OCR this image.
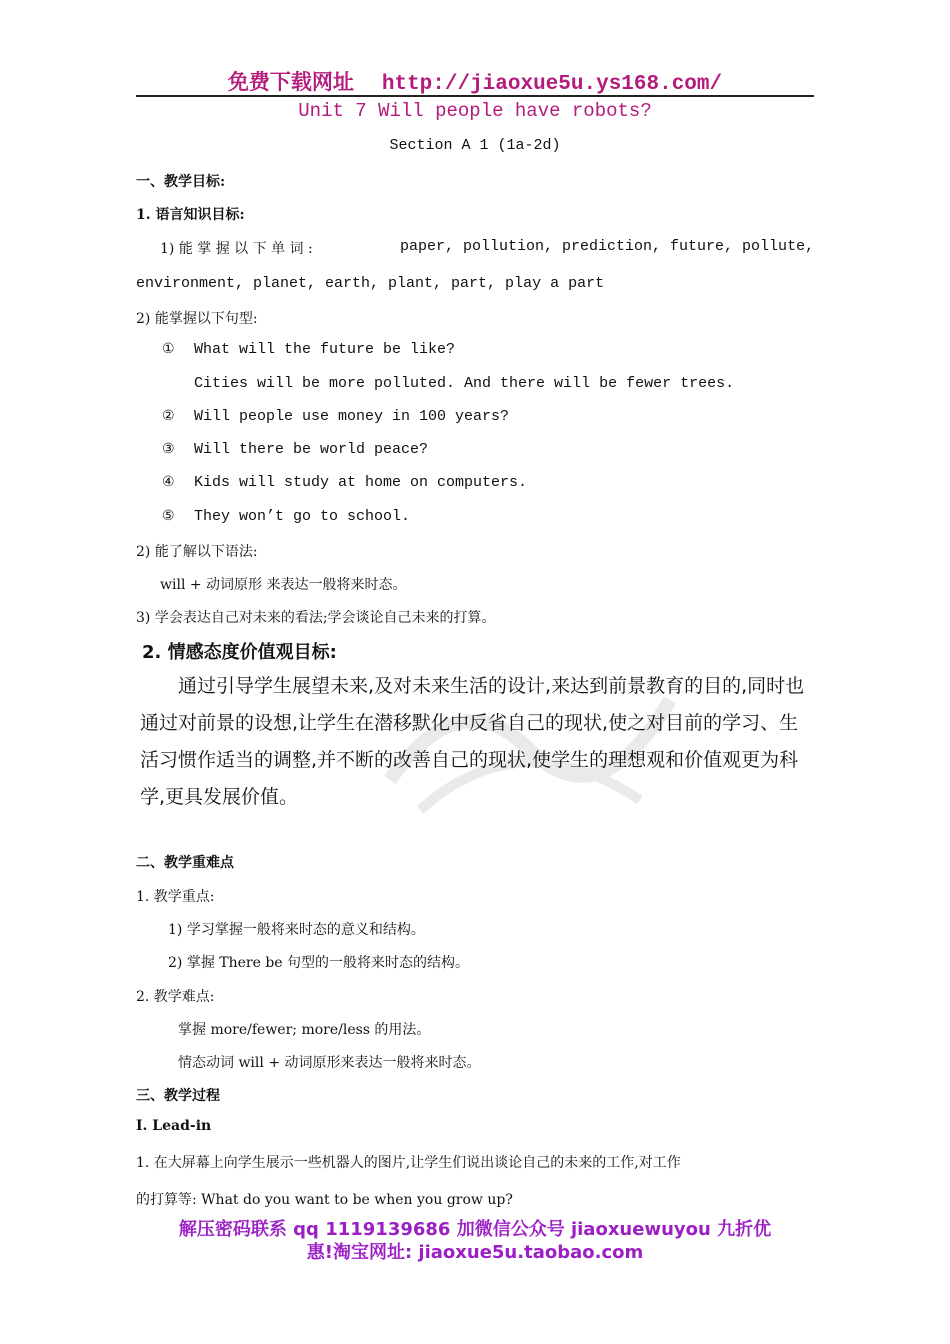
免费下载网址 http://jiaoxue5u.ys168.com/
Unit 7 Will people have robots?
Section A 1 (1a-2d)
一、教学目标:
1. 语言知识目标:
1) 能 掌 握 以 下 单 词 :	paper, pollution, prediction, future, pollute,
environment, planet, earth, plant, part, play a part
2) 能掌握以下句型:
① What will the future be like?
Cities will be more polluted. And there will be fewer trees.
② Will people use money in 100 years?
③ Will there be world peace?
④ Kids will study at home on computers.
⑤ They won’t go to school.
2) 能了解以下语法:
will + 动词原形 来表达一般将来时态。
3) 学会表达自己对未来的看法;学会谈论自己未来的打算。
2. 情感态度价值观目标:
通过引导学生展望未来,及对未来生活的设计,来达到前景教育的目的,同时也通过对前景的设想,让学生在潜移默化中反省自己的现状,使之对目前的学习、生活习惯作适当的调整,并不断的改善自己的现状,使学生的理想观和价值观更为科学,更具发展价值。
二、教学重难点
1. 教学重点:
1) 学习掌握一般将来时态的意义和结构。
2) 掌握 There be 句型的一般将来时态的结构。
2. 教学难点:
掌握 more/fewer; more/less 的用法。
情态动词 will + 动词原形来表达一般将来时态。
三、教学过程
Ⅰ. Lead-in
1. 在大屏幕上向学生展示一些机器人的图片,让学生们说出谈论自己的未来的工作,对工作
的打算等: What do you want to be when you grow up?
解压密码联系 qq 1119139686 加微信公众号 jiaoxuewuyou 九折优
惠!淘宝网址: jiaoxue5u.taobao.com
